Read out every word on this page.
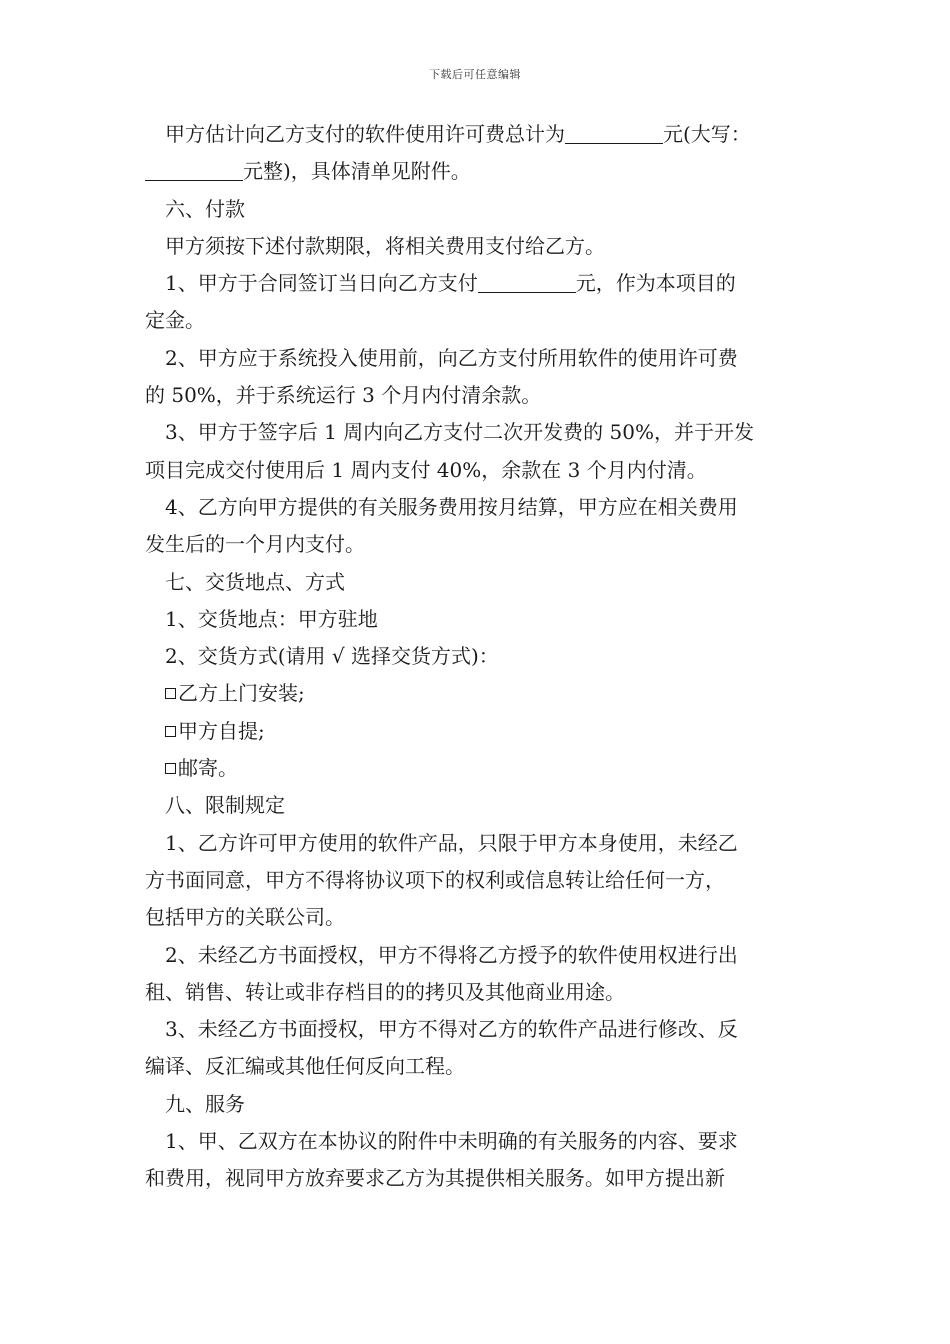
下载后可任意编辑

甲方估计向乙方支付的软件使用许可费总计为	元(大写：

元整)，具体清单见附件。

六、付款

甲方须按下述付款期限，将相关费用支付给乙方。

1、甲方于合同签订当日向乙方支付	元，作为本项目的

定金。

2、甲方应于系统投入使用前，向乙方支付所用软件的使用许可费

的 50%，并于系统运行 3 个月内付清余款。

3、甲方于签字后 1 周内向乙方支付二次开发费的 50%，并于开发

项目完成交付使用后 1 周内支付 40%，余款在 3 个月内付清。

4、乙方向甲方提供的有关服务费用按月结算，甲方应在相关费用

发生后的一个月内支付。

七、交货地点、方式

1、交货地点：甲方驻地

2、交货方式(请用 √ 选择交货方式)：

乙方上门安装;

甲方自提;

邮寄。

八、限制规定

1、乙方许可甲方使用的软件产品，只限于甲方本身使用，未经乙

方书面同意，甲方不得将协议项下的权利或信息转让给任何一方，

包括甲方的关联公司。

2、未经乙方书面授权，甲方不得将乙方授予的软件使用权进行出

租、销售、转让或非存档目的的拷贝及其他商业用途。

3、未经乙方书面授权，甲方不得对乙方的软件产品进行修改、反

编译、反汇编或其他任何反向工程。

九、服务

1、甲、乙双方在本协议的附件中未明确的有关服务的内容、要求

和费用，视同甲方放弃要求乙方为其提供相关服务。如甲方提出新
